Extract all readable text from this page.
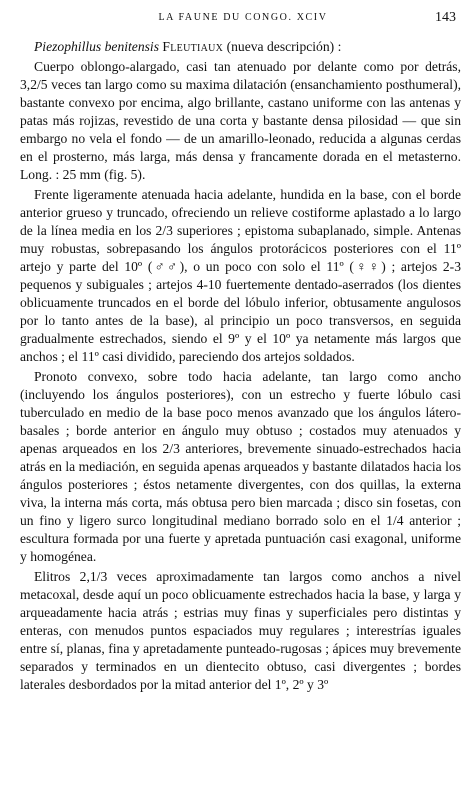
LA FAUNE DU CONGO. XCIV	143

Piezophillus benitensis Fleutiaux (nueva descripción) :

Cuerpo oblongo-alargado, casi tan atenuado por delante como por detrás, 3,2/5 veces tan largo como su maxima dilatación (ensanchamiento posthumeral), bastante convexo por encima, algo brillante, castano uniforme con las antenas y patas más rojizas, revestido de una corta y bastante densa pilosidad — que sin embargo no vela el fondo — de un amarillo-leonado, reducida a algunas cerdas en el prosterno, más larga, más densa y francamente dorada en el metasterno. Long. : 25 mm (fig. 5).

Frente ligeramente atenuada hacia adelante, hundida en la base, con el borde anterior grueso y truncado, ofreciendo un relieve costiforme aplastado a lo largo de la línea media en los 2/3 superiores ; epistoma subaplanado, simple. Antenas muy robustas, sobrepasando los ángulos protorácicos posteriores con el 11º artejo y parte del 10º (♂♂), o un poco con solo el 11º (♀♀) ; artejos 2-3 pequenos y subiguales ; artejos 4-10 fuertemente dentado-aserrados (los dientes oblicuamente truncados en el borde del lóbulo inferior, obtusamente angulosos por lo tanto antes de la base), al principio un poco transversos, en seguida gradualmente estrechados, siendo el 9º y el 10º ya netamente más largos que anchos ; el 11º casi dividido, pareciendo dos artejos soldados.

Pronoto convexo, sobre todo hacia adelante, tan largo como ancho (incluyendo los ángulos posteriores), con un estrecho y fuerte lóbulo casi tuberculado en medio de la base poco menos avanzado que los ángulos látero-basales ; borde anterior en ángulo muy obtuso ; costados muy atenuados y apenas arqueados en los 2/3 anteriores, brevemente sinuado-estrechados hacia atrás en la mediación, en seguida apenas arqueados y bastante dilatados hacia los ángulos posteriores ; éstos netamente divergentes, con dos quillas, la externa viva, la interna más corta, más obtusa pero bien marcada ; disco sin fosetas, con un fino y ligero surco longitudinal mediano borrado solo en el 1/4 anterior ; escultura formada por una fuerte y apretada puntuación casi exagonal, uniforme y homogénea.

Elitros 2,1/3 veces aproximadamente tan largos como anchos a nivel metacoxal, desde aquí un poco oblicuamente estrechados hacia la base, y larga y arqueadamente hacia atrás ; estrias muy finas y superficiales pero distintas y enteras, con menudos puntos espaciados muy regulares ; interestrías iguales entre sí, planas, fina y apretadamente punteado-rugosas ; ápices muy brevemente separados y terminados en un dientecito obtuso, casi divergentes ; bordes laterales desbordados por la mitad anterior del 1º, 2º y 3º
